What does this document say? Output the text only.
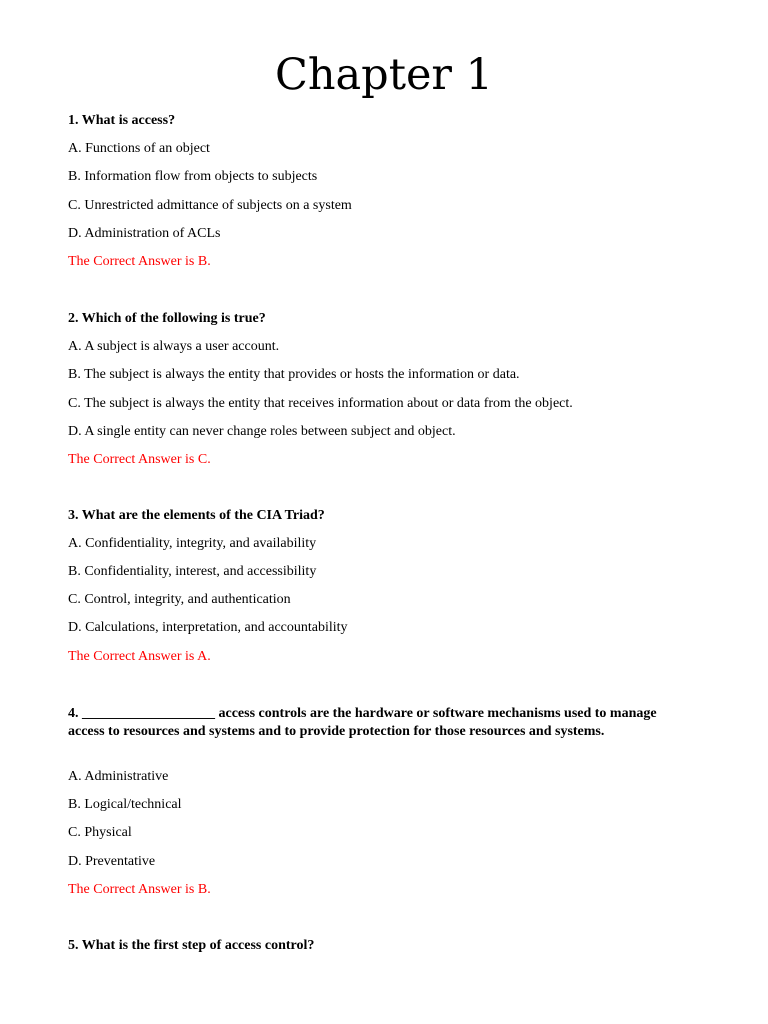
Chapter 1

1. What is access?

A. Functions of an object

B. Information flow from objects to subjects

C. Unrestricted admittance of subjects on a system

D. Administration of ACLs

The Correct Answer is B.

2. Which of the following is true?

A. A subject is always a user account.

B. The subject is always the entity that provides or hosts the information or data.

C. The subject is always the entity that receives information about or data from the object.

D. A single entity can never change roles between subject and object.

The Correct Answer is C.

3. What are the elements of the CIA Triad?

A. Confidentiality, integrity, and availability

B. Confidentiality, interest, and accessibility

C. Control, integrity, and authentication

D. Calculations, interpretation, and accountability

The Correct Answer is A.

4. ___________________ access controls are the hardware or software mechanisms used to manage access to resources and systems and to provide protection for those resources and systems.

A. Administrative

B. Logical/technical

C. Physical

D. Preventative

The Correct Answer is B.

5. What is the first step of access control?
